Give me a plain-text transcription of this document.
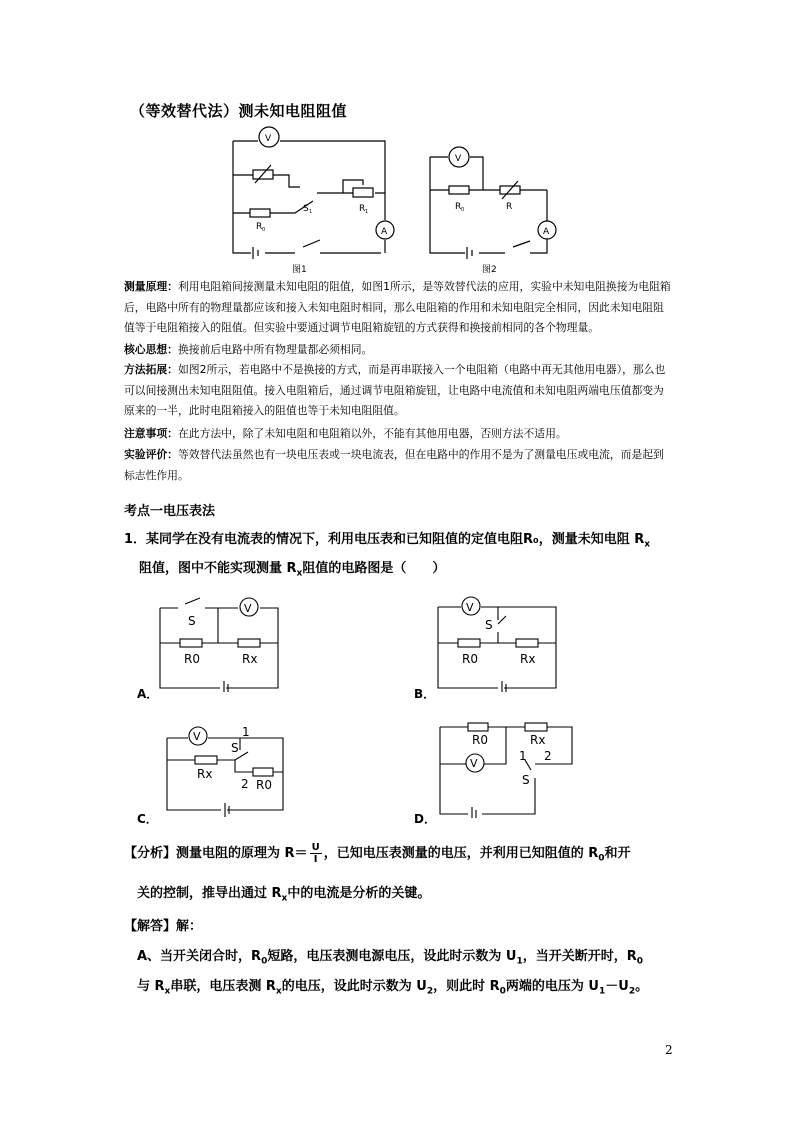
（等效替代法）测未知电阻阻值
V
A
S 1	R 1
R 0
图1
V
A
R 0	R
图2
测量原理：利用电阻箱间接测量未知电阻的阻值，如图1所示，是等效替代法的应用，实验中未知电阻换接为电阻箱后，电路中所有的物理量都应该和接入未知电阻时相同，那么电阻箱的作用和未知电阻完全相同，因此未知电阻阻值等于电阻箱接入的阻值。但实验中要通过调节电阻箱旋钮的方式获得和换接前相同的各个物理量。
核心思想：换接前后电路中所有物理量都必须相同。
方法拓展：如图2所示，若电路中不是换接的方式，而是再串联接入一个电阻箱（电路中再无其他用电器），那么也可以间接测出未知电阻阻值。接入电阻箱后，通过调节电阻箱旋钮，让电路中电流值和未知电阻两端电压值都变为原来的一半，此时电阻箱接入的阻值也等于未知电阻阻值。
注意事项：在此方法中，除了未知电阻和电阻箱以外，不能有其他用电器，否则方法不适用。
实验评价：等效替代法虽然也有一块电压表或一块电流表，但在电路中的作用不是为了测量电压或电流，而是起到标志性作用。
考点一电压表法
1．某同学在没有电流表的情况下，利用电压表和已知阻值的定值电阻R₀，测量未知电阻 $R_x$
阻值，图中不能实现测量 $R_x$阻值的电路图是（　　）
V
S
R0	Rx
A．
V
S
R0	Rx
B．
V	1
S
Rx
2 R0
C．
V
R0	Rx
1 2
S
D．
【分析】测量电阻的原理为 $R= \frac{U}{I}$ ，已知电压表测量的电压，并利用已知阻值的 $R_0$和开
关的控制，推导出通过 $R_x$中的电流是分析的关键。
【解答】解：
A、当开关闭合时，$R_0$短路，电压表测电源电压，设此时示数为 $U_1$，当开关断开时，$R_0$
与 $R_x$串联，电压表测 $R_x$的电压，设此时示数为 $U_2$，则此时 $R_0$两端的电压为 $U_1-U_2$。
2
